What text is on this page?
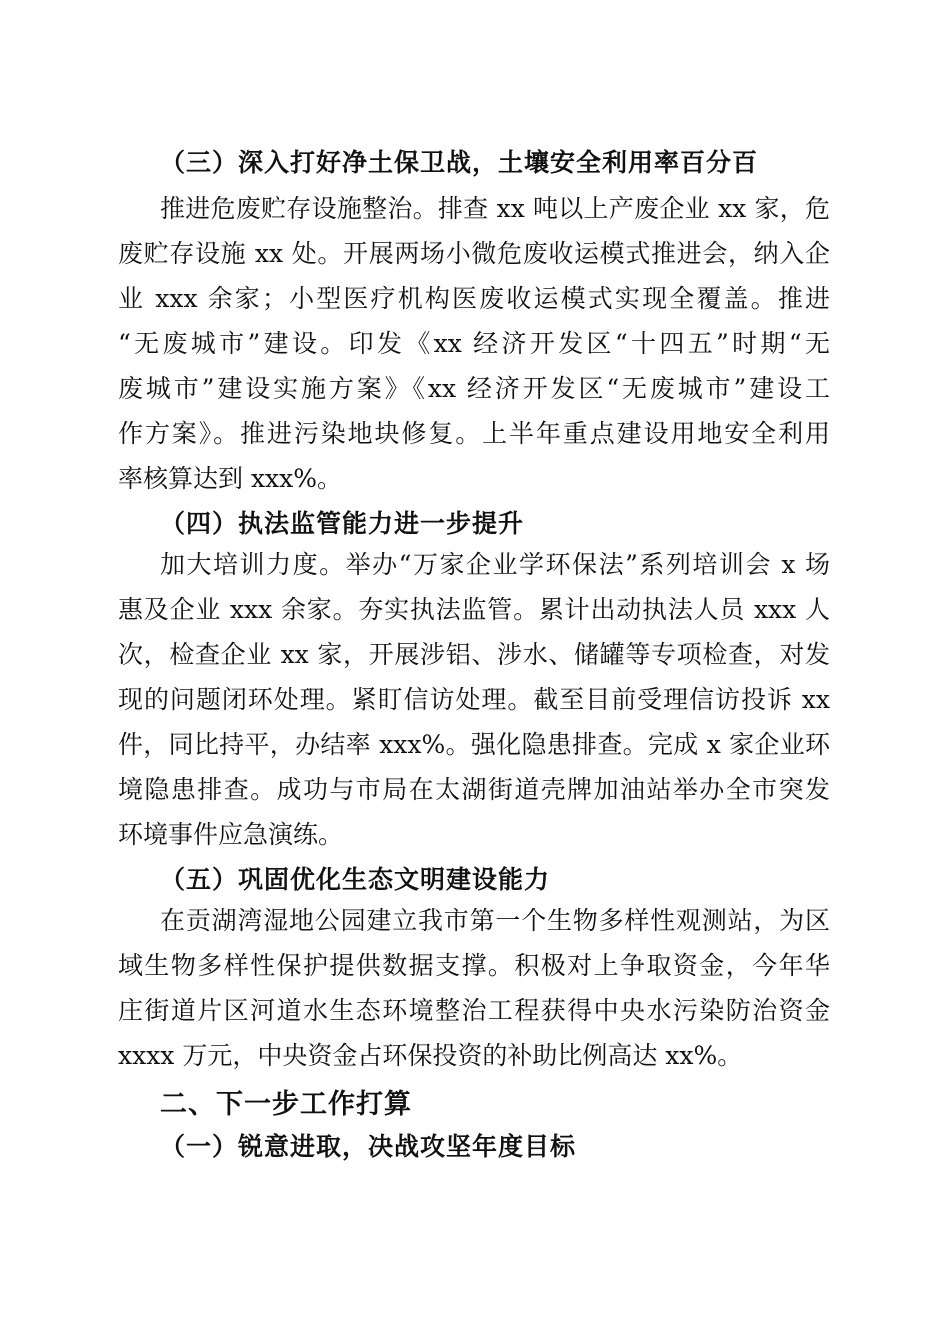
（三）深入打好净土保卫战，土壤安全利用率百分百
推进危废贮存设施整治。排查 xx 吨以上产废企业 xx 家，危
废贮存设施 xx 处。开展两场小微危废收运模式推进会，纳入企
业 xxx 余家；小型医疗机构医废收运模式实现全覆盖。推进
“无废城市”建设。印发《xx 经济开发区“十四五”时期“无
废城市”建设实施方案》《xx 经济开发区“无废城市”建设工
作方案》。推进污染地块修复。上半年重点建设用地安全利用
率核算达到 xxx%。
（四）执法监管能力进一步提升
加大培训力度。举办“万家企业学环保法”系列培训会 x 场
惠及企业 xxx 余家。夯实执法监管。累计出动执法人员 xxx 人
次，检查企业 xx 家，开展涉铝、涉水、储罐等专项检查，对发
现的问题闭环处理。紧盯信访处理。截至目前受理信访投诉 xx
件，同比持平，办结率 xxx%。强化隐患排查。完成 x 家企业环
境隐患排查。成功与市局在太湖街道壳牌加油站举办全市突发
环境事件应急演练。
（五）巩固优化生态文明建设能力
在贡湖湾湿地公园建立我市第一个生物多样性观测站，为区
域生物多样性保护提供数据支撑。积极对上争取资金，今年华
庄街道片区河道水生态环境整治工程获得中央水污染防治资金
xxxx 万元，中央资金占环保投资的补助比例高达 xx%。
二、下一步工作打算
（一）锐意进取，决战攻坚年度目标
